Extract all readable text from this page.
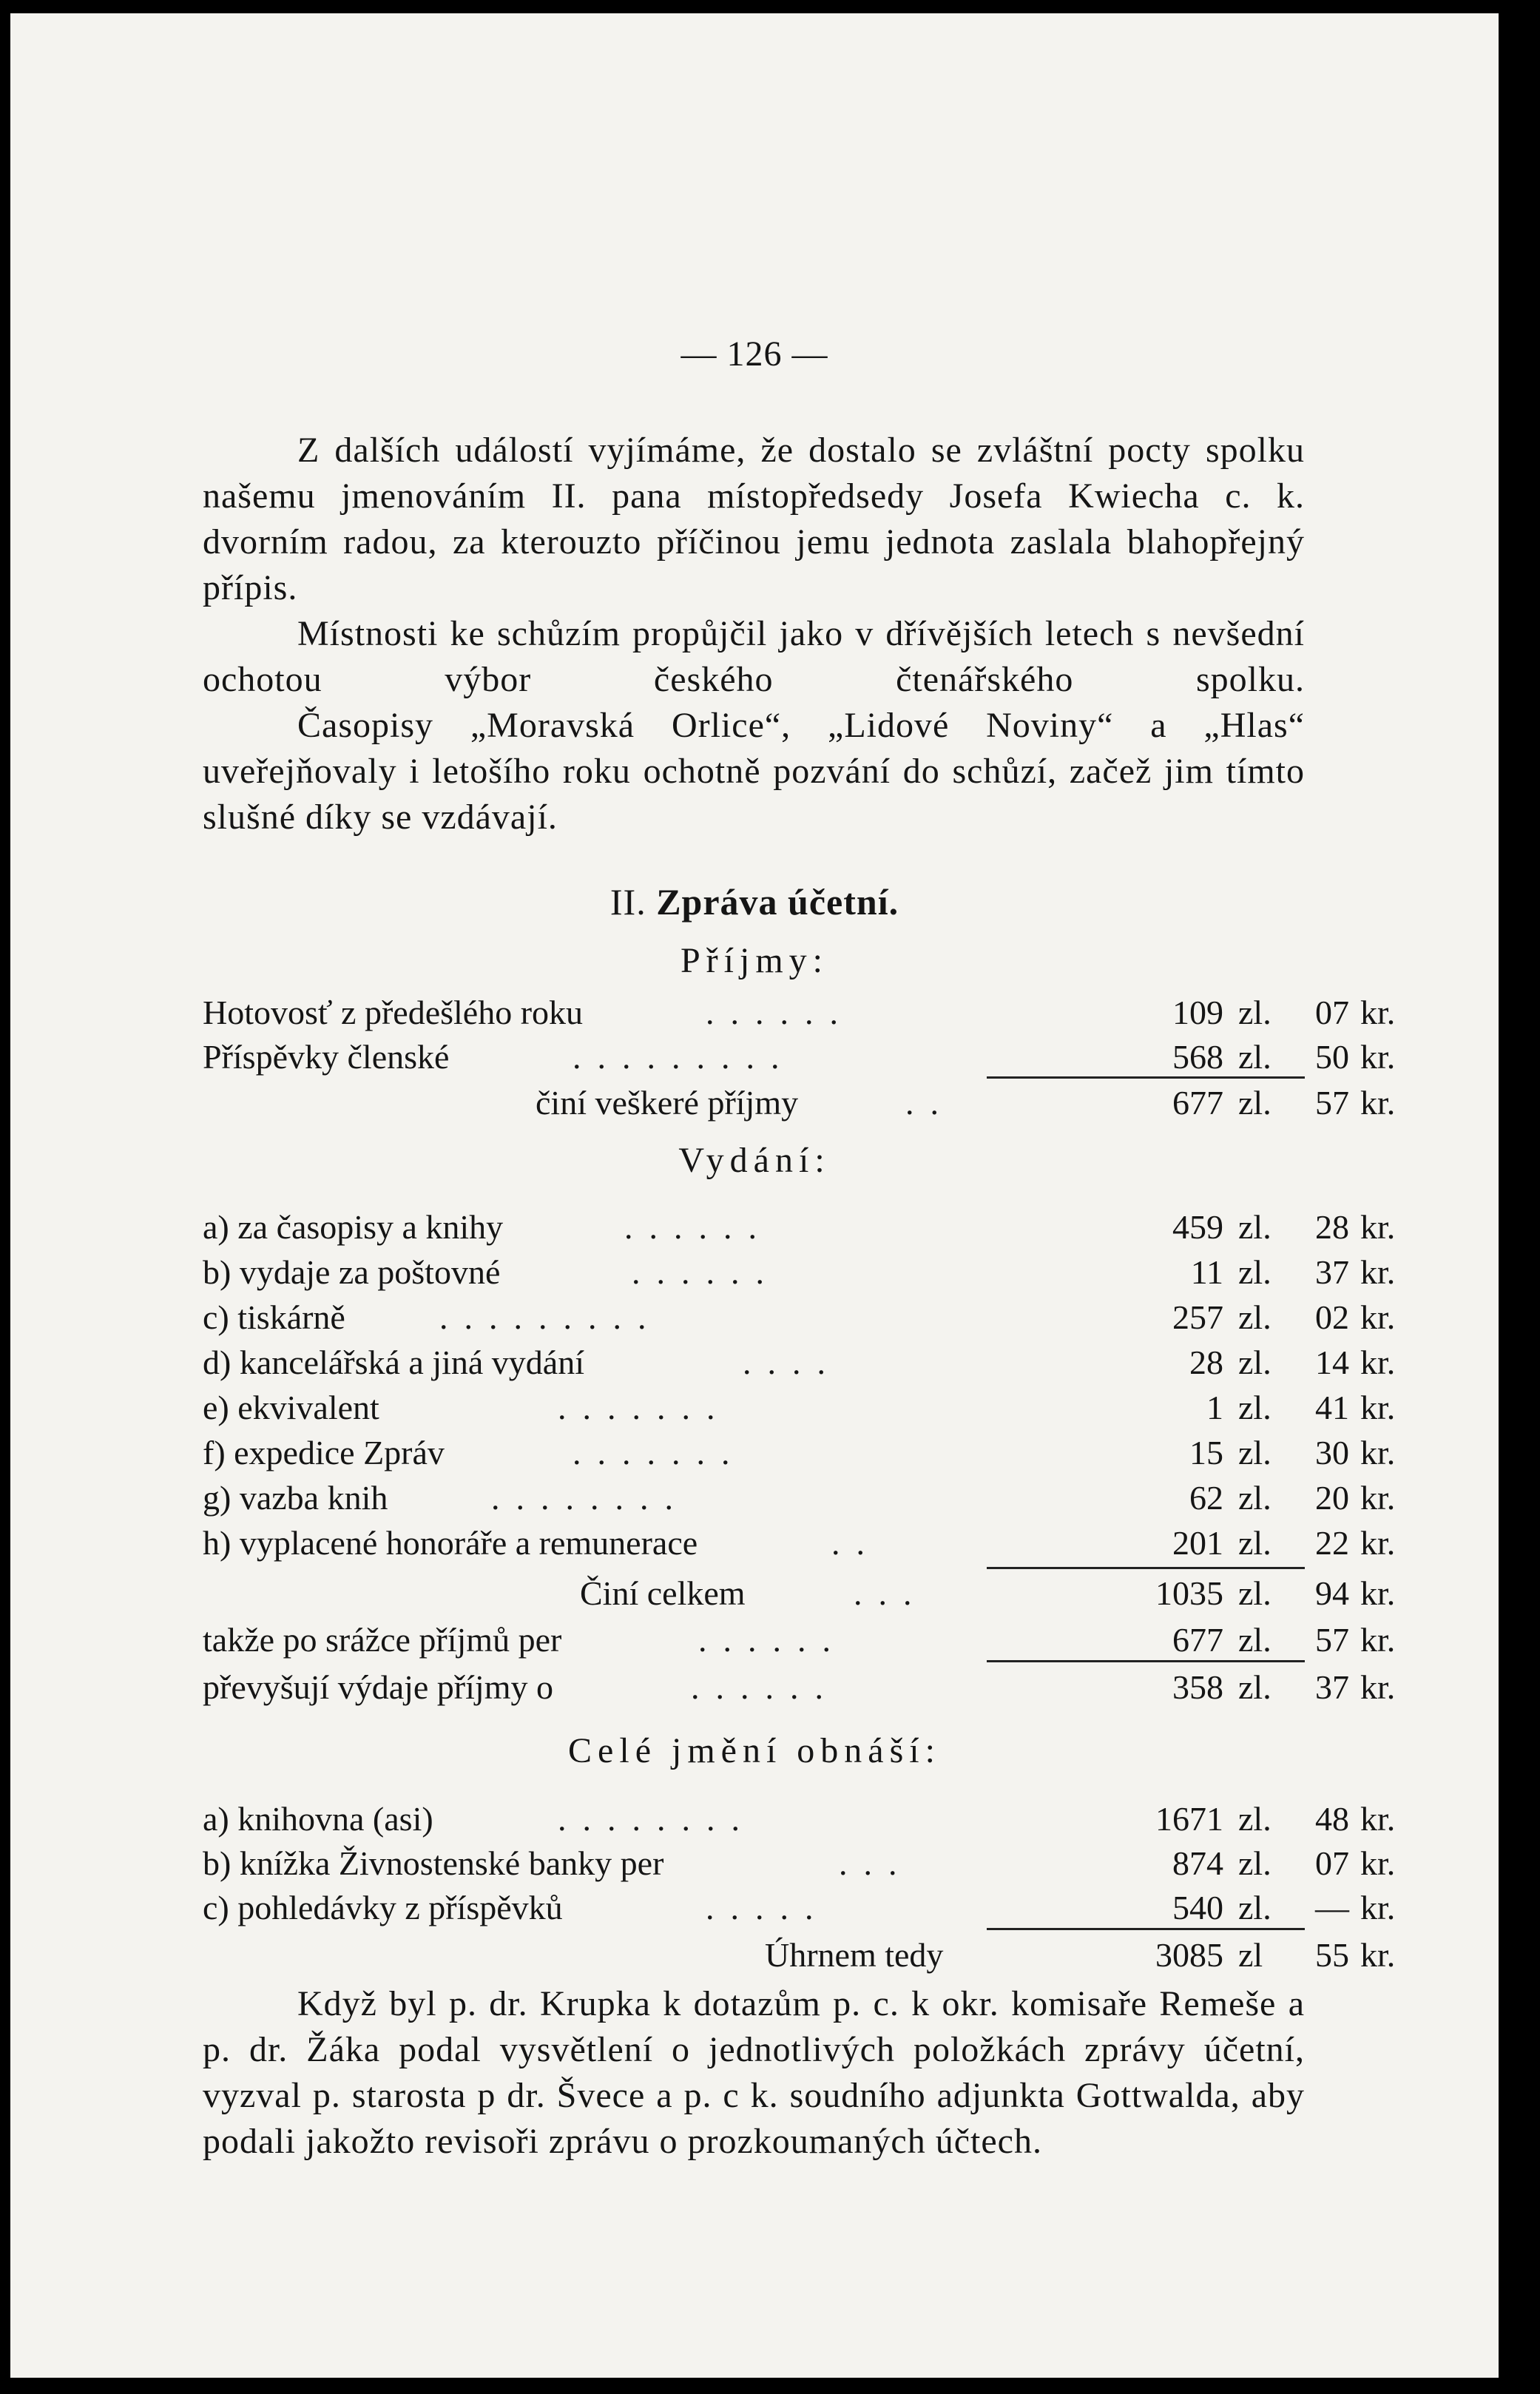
— 126 —

Z dalších událostí vyjímáme, že dostalo se zvláštní pocty spolku našemu jmenováním II. pana místopředsedy Josefa Kwiecha c. k. dvorním radou, za kterouzto příčinou jemu jednota zaslala blahopřejný přípis.

Místnosti ke schůzím propůjčil jako v dřívějších letech s nevšední ochotou výbor českého čtenářského spolku.

Časopisy „Moravská Orlice“, „Lidové Noviny“ a „Hlas“ uveřejňovaly i letošího roku ochotně pozvání do schůzí, začež jim tímto slušné díky se vzdávají.

II. Zpráva účetní.
Příjmy:
Hotovosť z předešlého roku	......	109 zl.	07 kr.
Příspěvky členské	.........	568 zl.	50 kr.
činí veškeré příjmy	..	677 zl.	57 kr.
Vydání:
a) za časopisy a knihy	......	459 zl.	28 kr.
b) vydaje za poštovné	......	11 zl.	37 kr.
c) tiskárně	.........	257 zl.	02 kr.
d) kancelářská a jiná vydání	....	28 zl.	14 kr.
e) ekvivalent	.......	1 zl.	41 kr.
f) expedice Zpráv	.......	15 zl.	30 kr.
g) vazba knih	........	62 zl.	20 kr.
h) vyplacené honoráře a remunerace	..	201 zl.	22 kr.
Činí celkem	...	1035 zl.	94 kr.
takže po srážce příjmů per	......	677 zl.	57 kr.
převyšují výdaje příjmy o	......	358 zl.	37 kr.
Celé jmění obnáší:
a) knihovna (asi)	........	1671 zl.	48 kr.
b) knížka Živnostenské banky per	...	874 zl.	07 kr.
c) pohledávky z příspěvků	.....	540 zl.	— kr.
Úhrnem tedy	3085 zl	55 kr.

Když byl p. dr. Krupka k dotazům p. c. k okr. komisaře Remeše a p. dr. Žáka podal vysvětlení o jednotlivých položkách zprávy účetní, vyzval p. starosta p dr. Švece a p. c k. soudního adjunkta Gottwalda, aby podali jakožto revisoři zprávu o prozkoumaných účtech.
